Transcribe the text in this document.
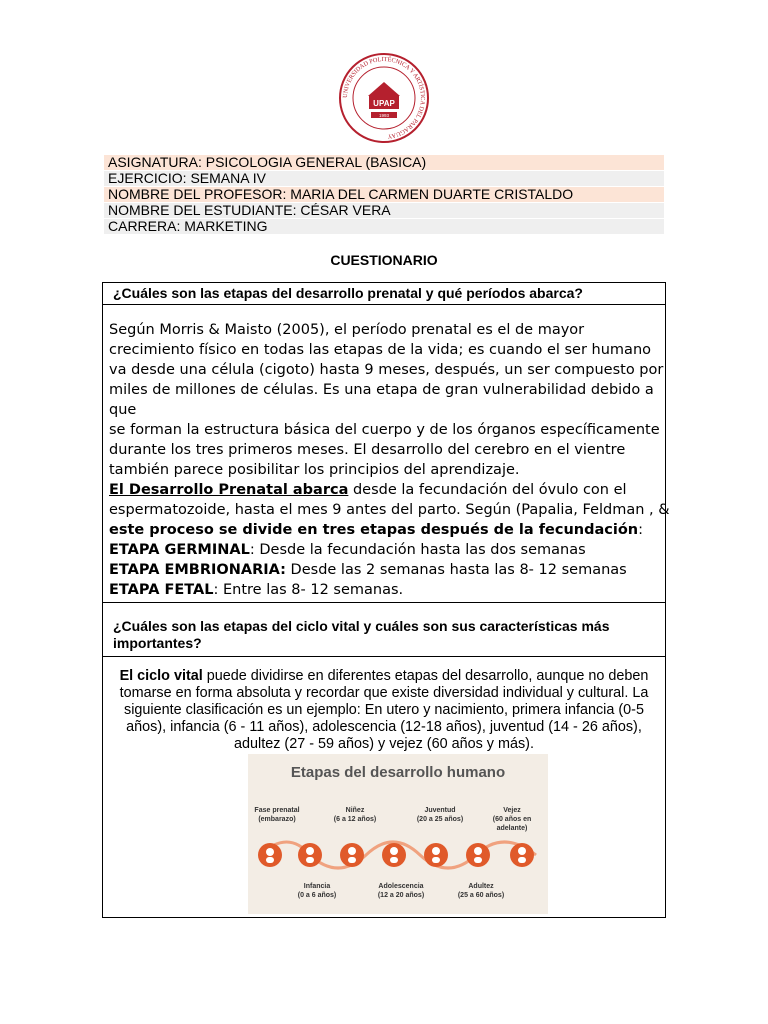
UNIVERSIDAD POLITÉCNICA Y ARTÍSTICA DEL PARAGUAY
UPAP
1993
ASIGNATURA: PSICOLOGIA GENERAL (BASICA)
EJERCICIO: SEMANA IV
NOMBRE DEL PROFESOR: MARIA DEL CARMEN DUARTE CRISTALDO
NOMBRE DEL ESTUDIANTE: CÉSAR VERA
CARRERA: MARKETING
CUESTIONARIO
¿Cuáles son las etapas del desarrollo prenatal y qué períodos abarca?
Según Morris & Maisto (2005), el período prenatal es el de mayor
crecimiento físico en todas las etapas de la vida; es cuando el ser humano
va desde una célula (cigoto) hasta 9 meses, después, un ser compuesto por
miles de millones de células. Es una etapa de gran vulnerabilidad debido a
que
se forman la estructura básica del cuerpo y de los órganos específicamente
durante los tres primeros meses. El desarrollo del cerebro en el vientre
también parece posibilitar los principios del aprendizaje.
El Desarrollo Prenatal abarca desde la fecundación del óvulo con el
espermatozoide, hasta el mes 9 antes del parto. Según (Papalia, Feldman , &
este proceso se divide en tres etapas después de la fecundación:
ETAPA GERMINAL: Desde la fecundación hasta las dos semanas
ETAPA EMBRIONARIA: Desde las 2 semanas hasta las 8- 12 semanas
ETAPA FETAL: Entre las 8- 12 semanas.
¿Cuáles son las etapas del ciclo vital y cuáles son sus características más importantes?
El ciclo vital puede dividirse en diferentes etapas del desarrollo, aunque no deben tomarse en forma absoluta y recordar que existe diversidad individual y cultural. La siguiente clasificación es un ejemplo: En utero y nacimiento, primera infancia (0-5 años), infancia (6 - 11 años), adolescencia (12-18 años), juventud (14 - 26 años), adultez (27 - 59 años) y vejez (60 años y más).
Etapas del desarrollo humano
Fase prenatal
(embarazo)
Niñez
(6 a 12 años)
Juventud
(20 a 25 años)
Vejez
(60 años en adelante)
Infancia
(0 a 6 años)
Adolescencia
(12 a 20 años)
Adultez
(25 a 60 años)
